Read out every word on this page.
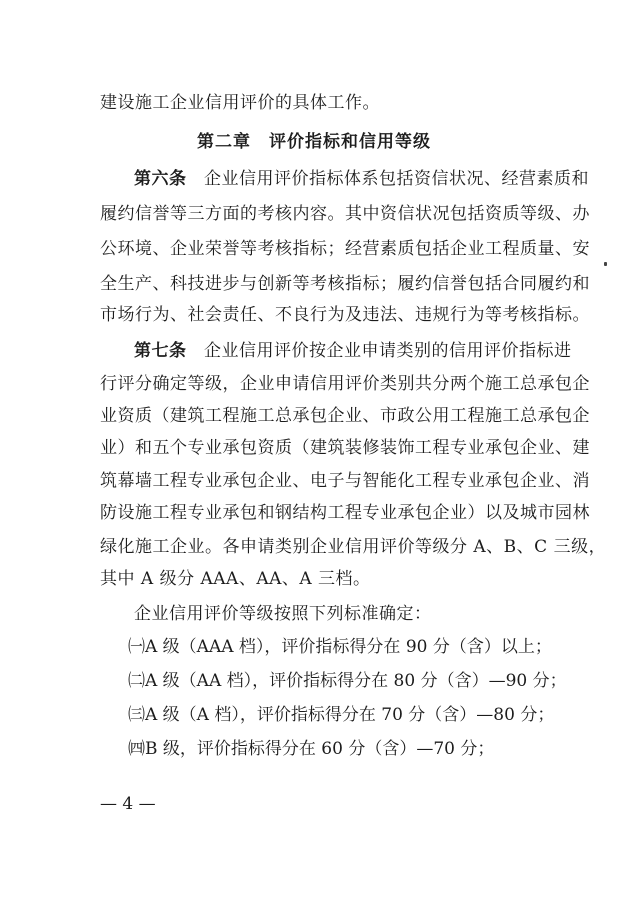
建设施工企业信用评价的具体工作。
第二章　评价指标和信用等级
第六条　企业信用评价指标体系包括资信状况、经营素质和
履约信誉等三方面的考核内容。其中资信状况包括资质等级、办
公环境、企业荣誉等考核指标；经营素质包括企业工程质量、安
全生产、科技进步与创新等考核指标；履约信誉包括合同履约和
市场行为、社会责任、不良行为及违法、违规行为等考核指标。
第七条　企业信用评价按企业申请类别的信用评价指标进
行评分确定等级，企业申请信用评价类别共分两个施工总承包企
业资质（建筑工程施工总承包企业、市政公用工程施工总承包企
业）和五个专业承包资质（建筑装修装饰工程专业承包企业、建
筑幕墙工程专业承包企业、电子与智能化工程专业承包企业、消
防设施工程专业承包和钢结构工程专业承包企业）以及城市园林
绿化施工企业。各申请类别企业信用评价等级分 A、B、C 三级，
其中 A 级分 AAA、AA、A 三档。
企业信用评价等级按照下列标准确定：
㈠A 级（AAA 档），评价指标得分在 90 分（含）以上；
㈡A 级（AA 档），评价指标得分在 80 分（含）—90 分；
㈢A 级（A 档），评价指标得分在 70 分（含）—80 分；
㈣B 级，评价指标得分在 60 分（含）—70 分；
— 4 —
